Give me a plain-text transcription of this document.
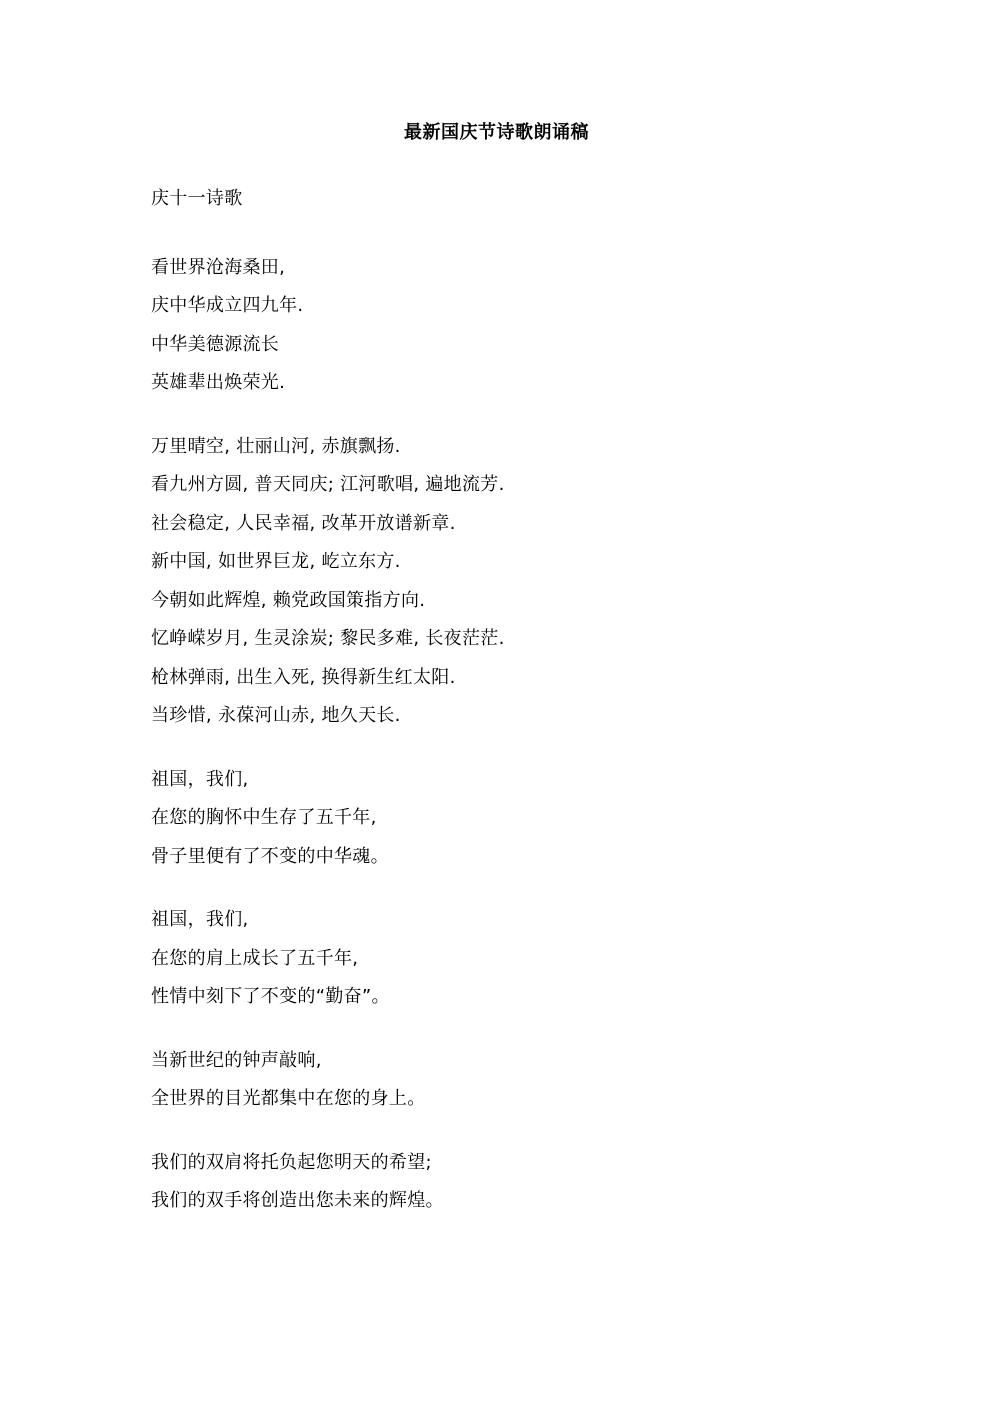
最新国庆节诗歌朗诵稿
庆十一诗歌
看世界沧海桑田,
庆中华成立四九年.
中华美德源流长
英雄辈出焕荣光.
万里晴空, 壮丽山河, 赤旗飘扬.
看九州方圆, 普天同庆; 江河歌唱, 遍地流芳.
社会稳定, 人民幸福, 改革开放谱新章.
新中国, 如世界巨龙, 屹立东方.
今朝如此辉煌, 赖党政国策指方向.
忆峥嵘岁月, 生灵涂炭; 黎民多难, 长夜茫茫.
枪林弹雨, 出生入死, 换得新生红太阳.
当珍惜, 永葆河山赤, 地久天长.
祖国，我们,
在您的胸怀中生存了五千年,
骨子里便有了不变的中华魂。
祖国，我们,
在您的肩上成长了五千年,
性情中刻下了不变的“勤奋”。
当新世纪的钟声敲响,
全世界的目光都集中在您的身上。
我们的双肩将托负起您明天的希望;
我们的双手将创造出您未来的辉煌。
